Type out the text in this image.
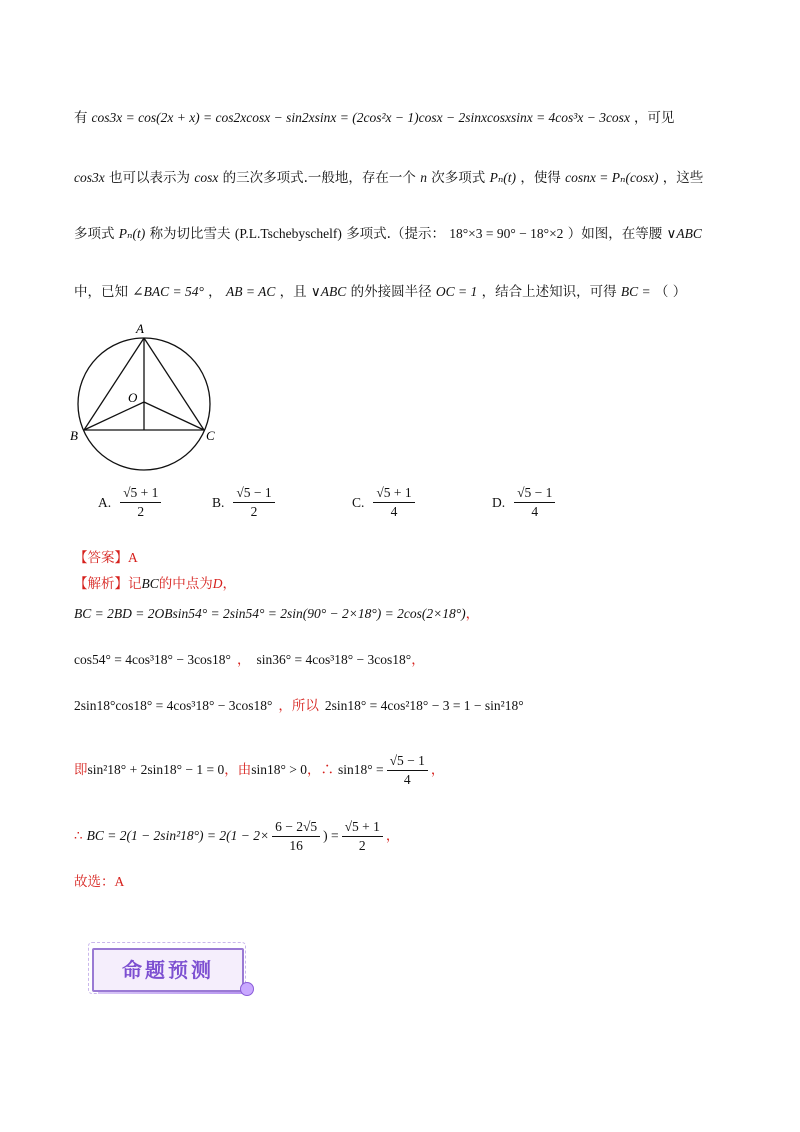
有 cos3x = cos(2x + x) = cos2xcosx − sin2xsinx = (2cos²x − 1)cosx − 2sinxcosxsinx = 4cos³x − 3cosx ，可见
cos3x 也可以表示为 cosx 的三次多项式.一般地，存在一个 n 次多项式 Pₙ(t) ，使得 cosnx = Pₙ(cosx) ，这些
多项式 Pₙ(t) 称为切比雪夫 (P.L.Tschebyschelf) 多项式.（提示： 18°×3 = 90° − 18°×2 ）如图，在等腰 ∨ABC
中，已知 ∠BAC = 54° ， AB = AC ，且 ∨ABC 的外接圆半径 OC = 1 ，结合上述知识，可得 BC = （ ）
A
B	C
O
A. $\frac{√5 + 1}{2}$	B. $\frac{√5 - 1}{2}$	C. $\frac{√5 + 1}{4}$	D. $\frac{√5 - 1}{4}$
【答案】A
【解析】记BC的中点为D，
BC = 2BD = 2OBsin54° = 2sin54° = 2sin(90° − 2×18°) = 2cos(2×18°)，
cos54° = 4cos³18° − 3cos18° ， sin36° = 4cos³18° − 3cos18°，
2sin18°cos18° = 4cos³18° − 3cos18° ，所以 2sin18° = 4cos²18° − 3 = 1 − sin²18°
即sin²18° + 2sin18° − 1 = 0，由sin18° > 0，∴ $\sin 18^\circ = \frac{√5 - 1}{4}$ ，
∴ BC = $2(1 - 2\sin^218^\circ) = 2(1 - 2\times \frac{6 - 2√5}{16}$ ) = $\frac{√5 + 1}{2}$ ，
故选：A
命题预测
